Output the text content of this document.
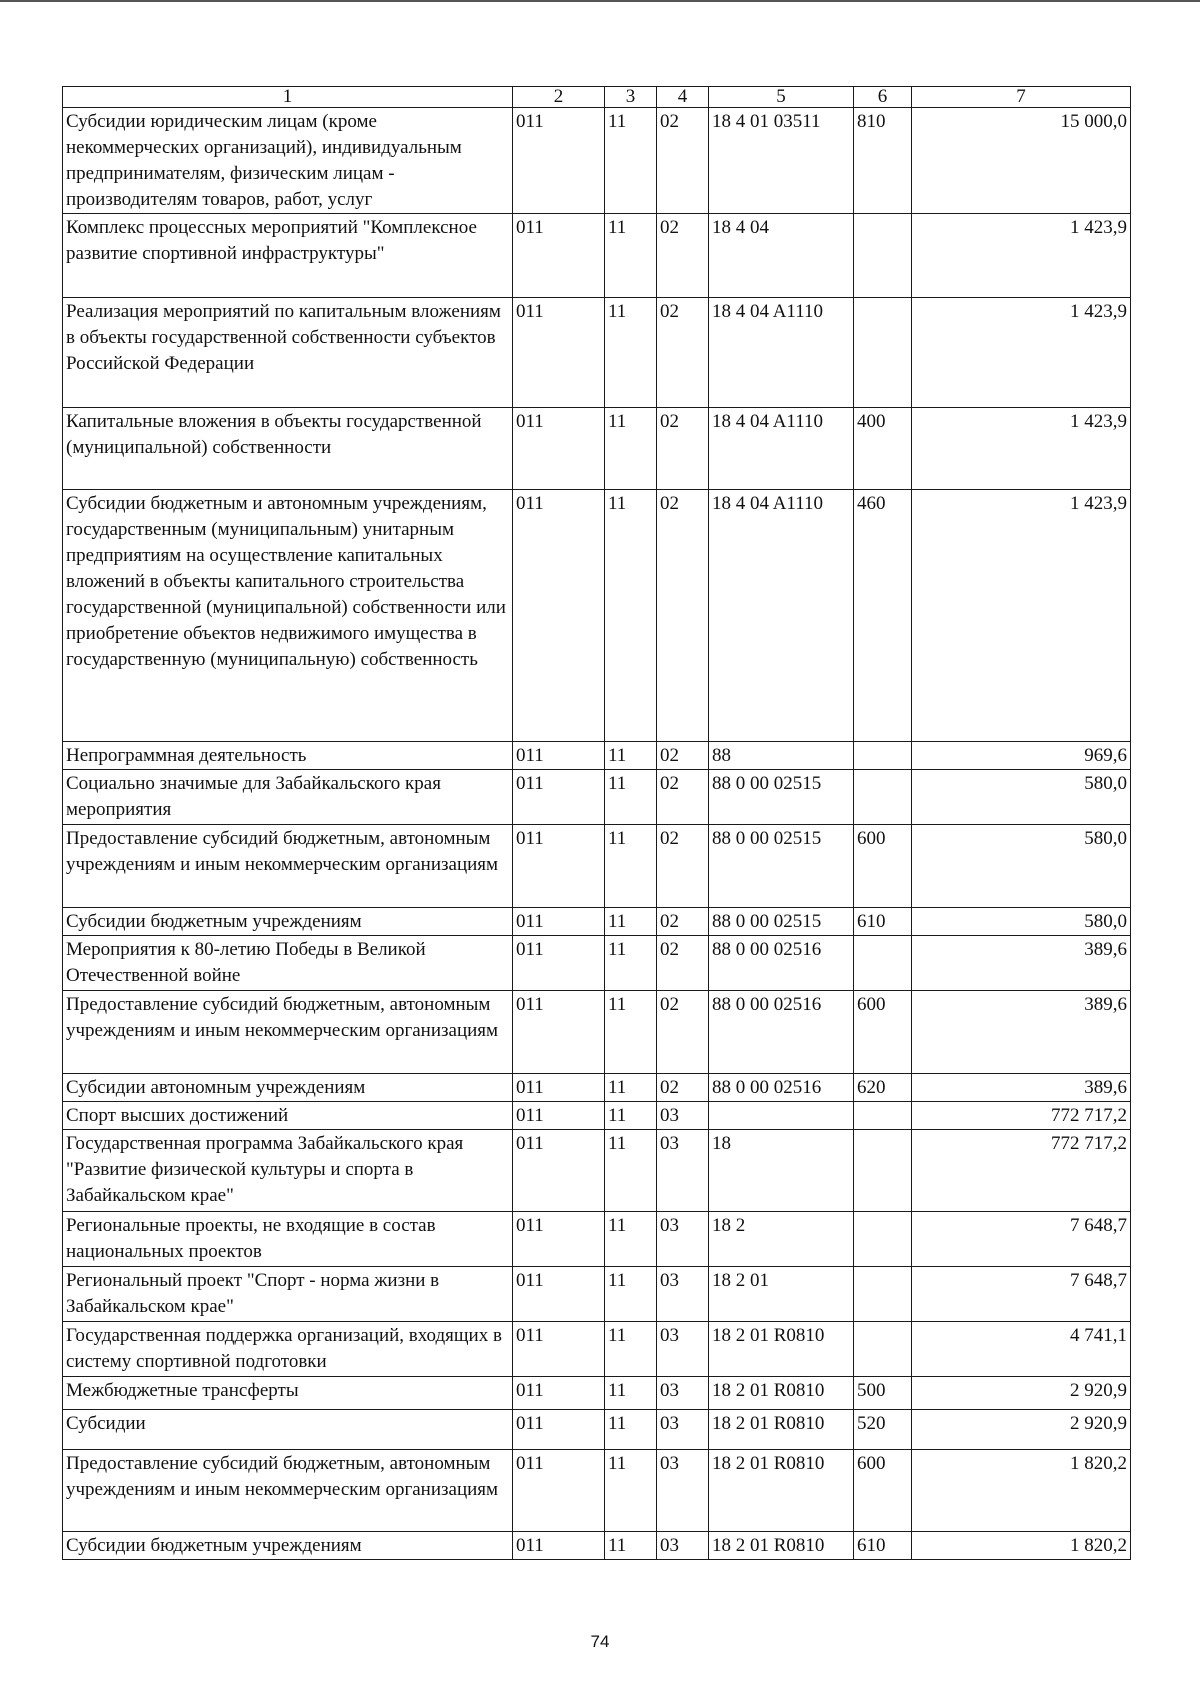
1	2	3	4	5	6	7
Субсидии юридическим лицам (кроме некоммерческих организаций), индивидуальным предпринимателям, физическим лицам - производителям товаров, работ, услуг	011	11	02	18 4 01 03511	810	15 000,0
Комплекс процессных мероприятий "Комплексное развитие спортивной инфраструктуры"	011	11	02	18 4 04		1 423,9
Реализация мероприятий по капитальным вложениям в объекты государственной собственности субъектов Российской Федерации	011	11	02	18 4 04 A1110		1 423,9
Капитальные вложения в объекты государственной (муниципальной) собственности	011	11	02	18 4 04 A1110	400	1 423,9
Субсидии бюджетным и автономным учреждениям, государственным (муниципальным) унитарным предприятиям на осуществление капитальных вложений в объекты капитального строительства государственной (муниципальной) собственности или приобретение объектов недвижимого имущества в государственную (муниципальную) собственность	011	11	02	18 4 04 A1110	460	1 423,9
Непрограммная деятельность	011	11	02	88		969,6
Социально значимые для Забайкальского края мероприятия	011	11	02	88 0 00 02515		580,0
Предоставление субсидий бюджетным, автономным учреждениям и иным некоммерческим организациям	011	11	02	88 0 00 02515	600	580,0
Субсидии бюджетным учреждениям	011	11	02	88 0 00 02515	610	580,0
Мероприятия к 80-летию Победы в Великой Отечественной войне	011	11	02	88 0 00 02516		389,6
Предоставление субсидий бюджетным, автономным учреждениям и иным некоммерческим организациям	011	11	02	88 0 00 02516	600	389,6
Субсидии автономным учреждениям	011	11	02	88 0 00 02516	620	389,6
Спорт высших достижений	011	11	03			772 717,2
Государственная программа Забайкальского края "Развитие физической культуры и спорта в Забайкальском крае"	011	11	03	18		772 717,2
Региональные проекты, не входящие в состав национальных проектов	011	11	03	18 2		7 648,7
Региональный проект "Спорт - норма жизни в Забайкальском крае"	011	11	03	18 2 01		7 648,7
Государственная поддержка организаций, входящих в систему спортивной подготовки	011	11	03	18 2 01 R0810		4 741,1
Межбюджетные трансферты	011	11	03	18 2 01 R0810	500	2 920,9
Субсидии	011	11	03	18 2 01 R0810	520	2 920,9
Предоставление субсидий бюджетным, автономным учреждениям и иным некоммерческим организациям	011	11	03	18 2 01 R0810	600	1 820,2
Субсидии бюджетным учреждениям	011	11	03	18 2 01 R0810	610	1 820,2
74
